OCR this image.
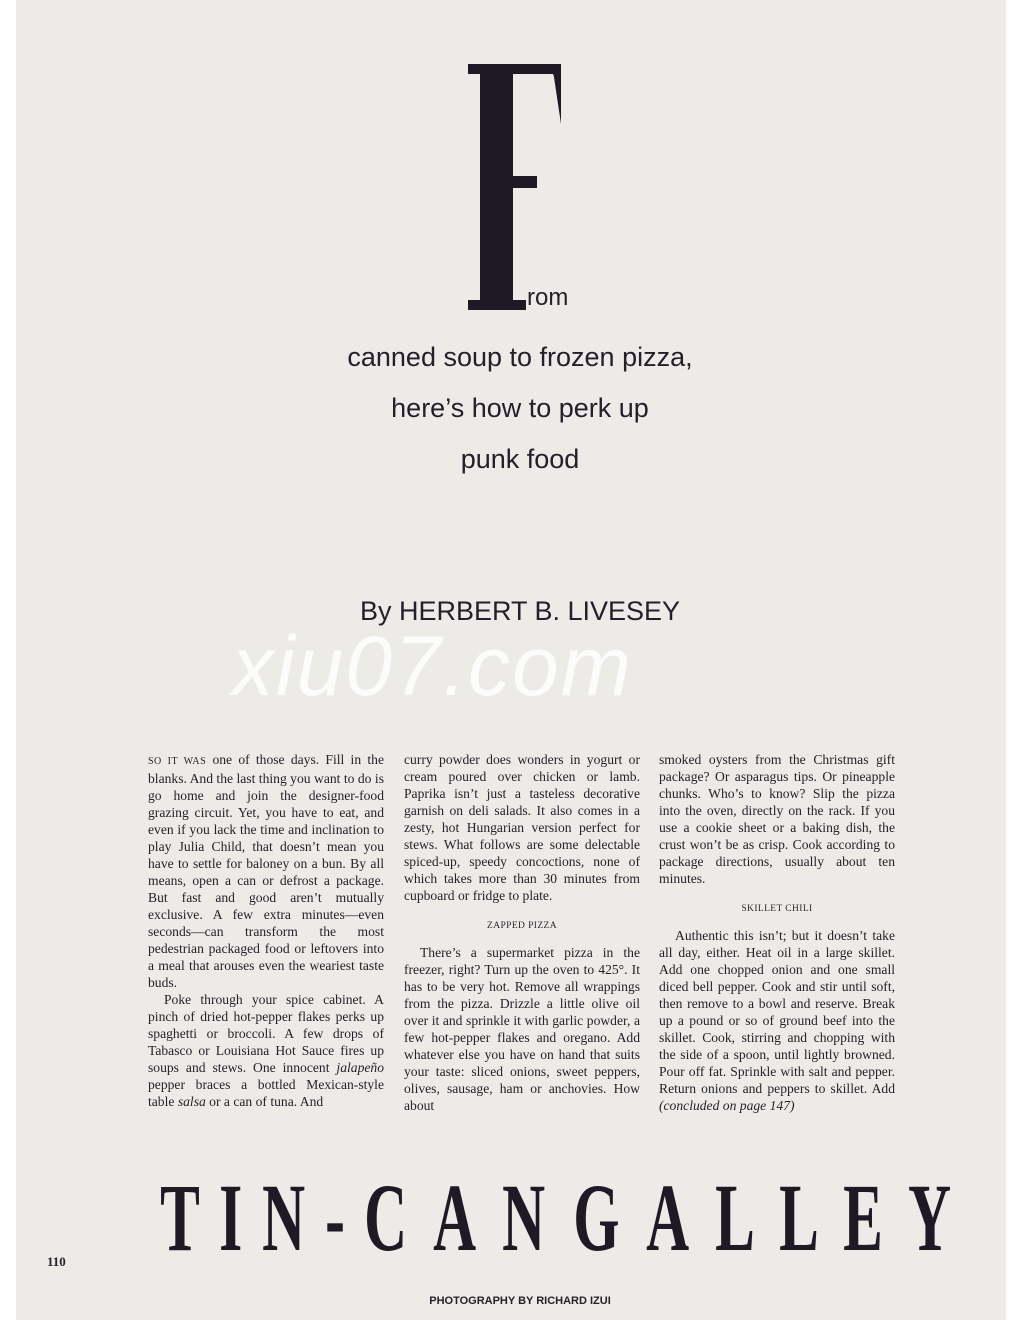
rom
canned soup to frozen pizza,
here’s how to perk up
punk food
By HERBERT B. LIVESEY
xiu07.com

SO IT WAS one of those days. Fill in the blanks. And the last thing you want to do is go home and join the designer-food grazing circuit. Yet, you have to eat, and even if you lack the time and inclination to play Julia Child, that doesn’t mean you have to settle for baloney on a bun. By all means, open a can or defrost a package. But fast and good aren’t mutually exclusive. A few extra minutes—even seconds—can transform the most pedestrian packaged food or leftovers into a meal that arouses even the weariest taste buds.

Poke through your spice cabinet. A pinch of dried hot-pepper flakes perks up spaghetti or broccoli. A few drops of Tabasco or Louisiana Hot Sauce fires up soups and stews. One innocent jalapeño pepper braces a bottled Mexican-style table salsa or a can of tuna. And

curry powder does wonders in yogurt or cream poured over chicken or lamb. Paprika isn’t just a tasteless decorative garnish on deli salads. It also comes in a zesty, hot Hungarian version perfect for stews. What follows are some delectable spiced-up, speedy concoctions, none of which takes more than 30 minutes from cupboard or fridge to plate.

ZAPPED PIZZA

There’s a supermarket pizza in the freezer, right? Turn up the oven to 425°. It has to be very hot. Remove all wrappings from the pizza. Drizzle a little olive oil over it and sprinkle it with garlic powder, a few hot-pepper flakes and oregano. Add whatever else you have on hand that suits your taste: sliced onions, sweet peppers, olives, sausage, ham or anchovies. How about

smoked oysters from the Christmas gift package? Or asparagus tips. Or pineapple chunks. Who’s to know? Slip the pizza into the oven, directly on the rack. If you use a cookie sheet or a baking dish, the crust won’t be as crisp. Cook according to package directions, usually about ten minutes.

SKILLET CHILI

Authentic this isn’t; but it doesn’t take all day, either. Heat oil in a large skillet. Add one chopped onion and one small diced bell pepper. Cook and stir until soft, then remove to a bowl and reserve. Break up a pound or so of ground beef into the skillet. Cook, stirring and chopping with the side of a spoon, until lightly browned. Pour off fat. Sprinkle with salt and pepper. Return onions and peppers to skillet. Add (concluded on page 147)

T I N - C A N G A L L E Y
110
PHOTOGRAPHY BY RICHARD IZUI
